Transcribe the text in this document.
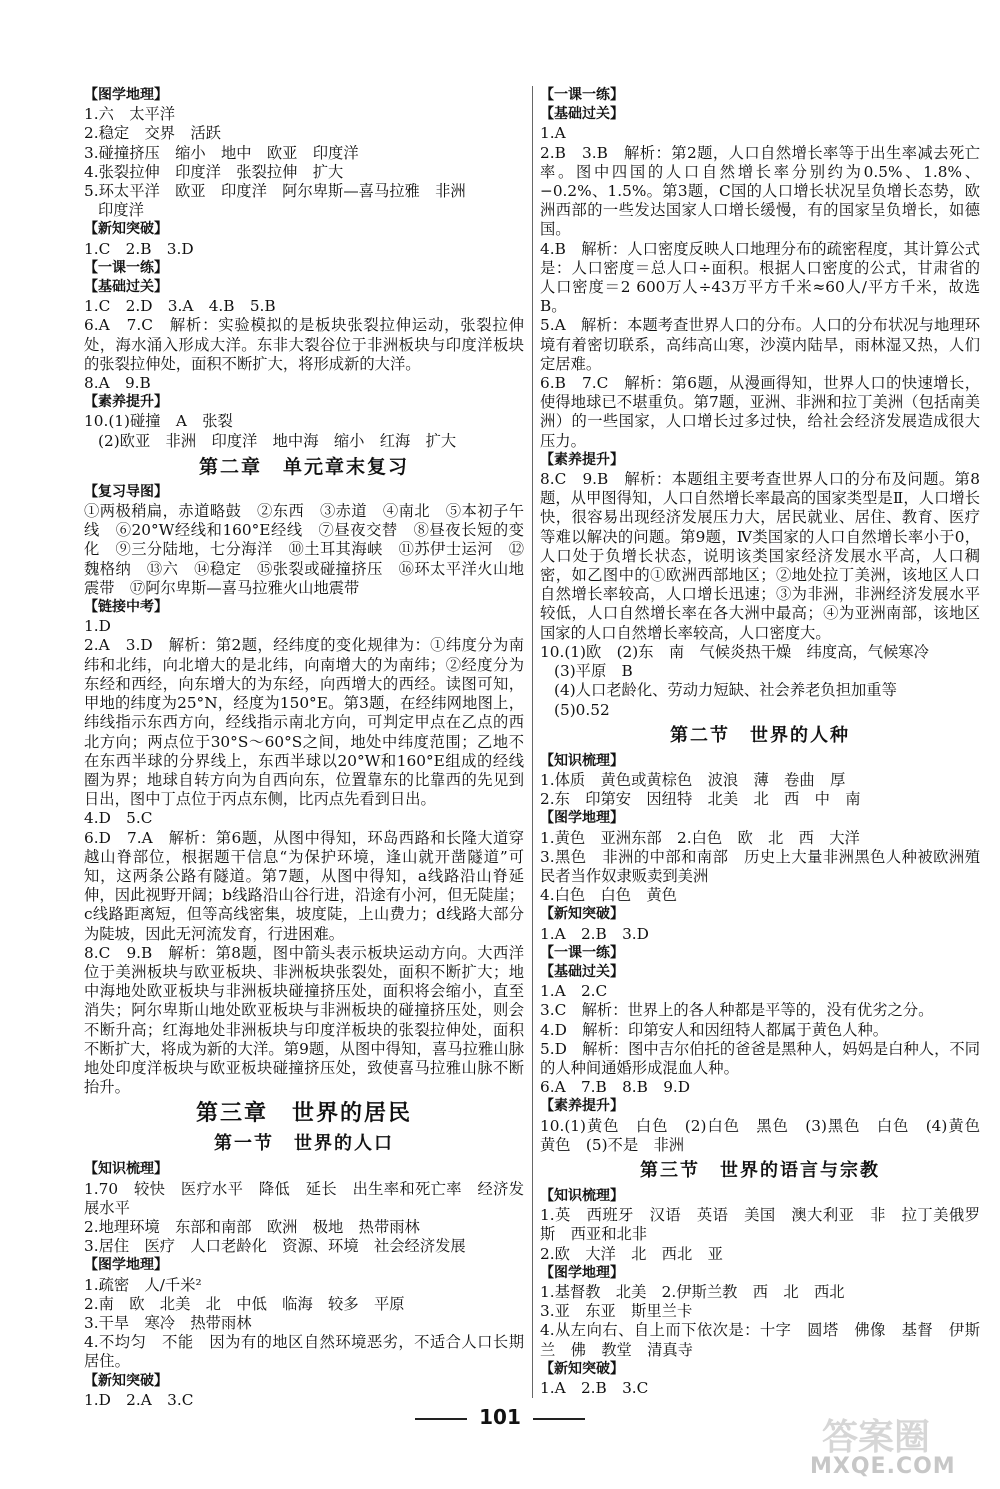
【图学地理】
1.六　太平洋
2.稳定　交界　活跃
3.碰撞挤压　缩小　地中　欧亚　印度洋
4.张裂拉伸　印度洋　张裂拉伸　扩大
5.环太平洋　欧亚　印度洋　阿尔卑斯—喜马拉雅　非洲
印度洋
【新知突破】
1.C　2.B　3.D
【一课一练】
【基础过关】
1.C　2.D　3.A　4.B　5.B
6.A　7.C　解析：实验模拟的是板块张裂拉伸运动，张裂拉伸处，海水涌入形成大洋。东非大裂谷位于非洲板块与印度洋板块的张裂拉伸处，面积不断扩大，将形成新的大洋。
8.A　9.B
【素养提升】
10.(1)碰撞　A　张裂
(2)欧亚　非洲　印度洋　地中海　缩小　红海　扩大
第二章　单元章末复习
【复习导图】
①两极稍扁，赤道略鼓　②东西　③赤道　④南北　⑤本初子午线　⑥20°W经线和160°E经线　⑦昼夜交替　⑧昼夜长短的变化　⑨三分陆地，七分海洋　⑩土耳其海峡　⑪苏伊士运河　⑫魏格纳　⑬六　⑭稳定　⑮张裂或碰撞挤压　⑯环太平洋火山地震带　⑰阿尔卑斯—喜马拉雅火山地震带
【链接中考】
1.D
2.A　3.D　解析：第2题，经纬度的变化规律为：①纬度分为南纬和北纬，向北增大的是北纬，向南增大的为南纬；②经度分为东经和西经，向东增大的为东经，向西增大的西经。读图可知，甲地的纬度为25°N，经度为150°E。第3题，在经纬网地图上，纬线指示东西方向，经线指示南北方向，可判定甲点在乙点的西北方向；两点位于30°S～60°S之间，地处中纬度范围；乙地不在东西半球的分界线上，东西半球以20°W和160°E组成的经线圈为界；地球自转方向为自西向东，位置靠东的比靠西的先见到日出，图中丁点位于丙点东侧，比丙点先看到日出。
4.D　5.C
6.D　7.A　解析：第6题，从图中得知，环岛西路和长隆大道穿越山脊部位，根据题干信息“为保护环境，逢山就开凿隧道”可知，这两条公路有隧道。第7题，从图中得知，a线路沿山脊延伸，因此视野开阔；b线路沿山谷行进，沿途有小河，但无陡崖；c线路距离短，但等高线密集，坡度陡，上山费力；d线路大部分为陡坡，因此无河流发育，行进困难。
8.C　9.B　解析：第8题，图中箭头表示板块运动方向。大西洋位于美洲板块与欧亚板块、非洲板块张裂处，面积不断扩大；地中海地处欧亚板块与非洲板块碰撞挤压处，面积将会缩小，直至消失；阿尔卑斯山地处欧亚板块与非洲板块的碰撞挤压处，则会不断升高；红海地处非洲板块与印度洋板块的张裂拉伸处，面积不断扩大，将成为新的大洋。第9题，从图中得知，喜马拉雅山脉地处印度洋板块与欧亚板块碰撞挤压处，致使喜马拉雅山脉不断抬升。
第三章　世界的居民
第一节　世界的人口
【知识梳理】
1.70　较快　医疗水平　降低　延长　出生率和死亡率　经济发展水平
2.地理环境　东部和南部　欧洲　极地　热带雨林
3.居住　医疗　人口老龄化　资源、环境　社会经济发展
【图学地理】
1.疏密　人/千米²
2.南　欧　北美　北　中低　临海　较多　平原
3.干旱　寒冷　热带雨林
4.不均匀　不能　因为有的地区自然环境恶劣，不适合人口长期居住。
【新知突破】
1.D　2.A　3.C
【一课一练】
【基础过关】
1.A
2.B　3.B　解析：第2题，人口自然增长率等于出生率减去死亡率。图中四国的人口自然增长率分别约为0.5%、1.8%、−0.2%、1.5%。第3题，C国的人口增长状况呈负增长态势，欧洲西部的一些发达国家人口增长缓慢，有的国家呈负增长，如德国。
4.B　解析：人口密度反映人口地理分布的疏密程度，其计算公式是：人口密度＝总人口÷面积。根据人口密度的公式，甘肃省的人口密度＝2 600万人÷43万平方千米≈60人/平方千米，故选B。
5.A　解析：本题考查世界人口的分布。人口的分布状况与地理环境有着密切联系，高纬高山寒，沙漠内陆旱，雨林湿又热，人们定居难。
6.B　7.C　解析：第6题，从漫画得知，世界人口的快速增长，使得地球已不堪重负。第7题，亚洲、非洲和拉丁美洲（包括南美洲）的一些国家，人口增长过多过快，给社会经济发展造成很大压力。
【素养提升】
8.C　9.B　解析：本题组主要考查世界人口的分布及问题。第8题，从甲图得知，人口自然增长率最高的国家类型是Ⅱ，人口增长快，很容易出现经济发展压力大，居民就业、居住、教育、医疗等难以解决的问题。第9题，Ⅳ类国家的人口自然增长率小于0，人口处于负增长状态，说明该类国家经济发展水平高，人口稠密，如乙图中的①欧洲西部地区；②地处拉丁美洲，该地区人口自然增长率较高，人口增长迅速；③为非洲，非洲经济发展水平较低，人口自然增长率在各大洲中最高；④为亚洲南部，该地区国家的人口自然增长率较高，人口密度大。
10.(1)欧　(2)东　南　气候炎热干燥　纬度高，气候寒冷
(3)平原　B
(4)人口老龄化、劳动力短缺、社会养老负担加重等
(5)0.52
第二节　世界的人种
【知识梳理】
1.体质　黄色或黄棕色　波浪　薄　卷曲　厚
2.东　印第安　因纽特　北美　北　西　中　南
【图学地理】
1.黄色　亚洲东部　2.白色　欧　北　西　大洋
3.黑色　非洲的中部和南部　历史上大量非洲黑色人种被欧洲殖民者当作奴隶贩卖到美洲
4.白色　白色　黄色
【新知突破】
1.A　2.B　3.D
【一课一练】
【基础过关】
1.A　2.C
3.C　解析：世界上的各人种都是平等的，没有优劣之分。
4.D　解析：印第安人和因纽特人都属于黄色人种。
5.D　解析：图中吉尔伯托的爸爸是黑种人，妈妈是白种人，不同的人种间通婚形成混血人种。
6.A　7.B　8.B　9.D
【素养提升】
10.(1)黄色　白色　(2)白色　黑色　(3)黑色　白色　(4)黄色　黄色　(5)不是　非洲
第三节　世界的语言与宗教
【知识梳理】
1.英　西班牙　汉语　英语　美国　澳大利亚　非　拉丁美俄罗斯　西亚和北非
2.欧　大洋　北　西北　亚
【图学地理】
1.基督教　北美　2.伊斯兰教　西　北　西北
3.亚　东亚　斯里兰卡
4.从左向右、自上而下依次是：十字　圆塔　佛像　基督　伊斯兰　佛　教堂　清真寺
【新知突破】
1.A　2.B　3.C
101	答案圈
MXQE.COM
